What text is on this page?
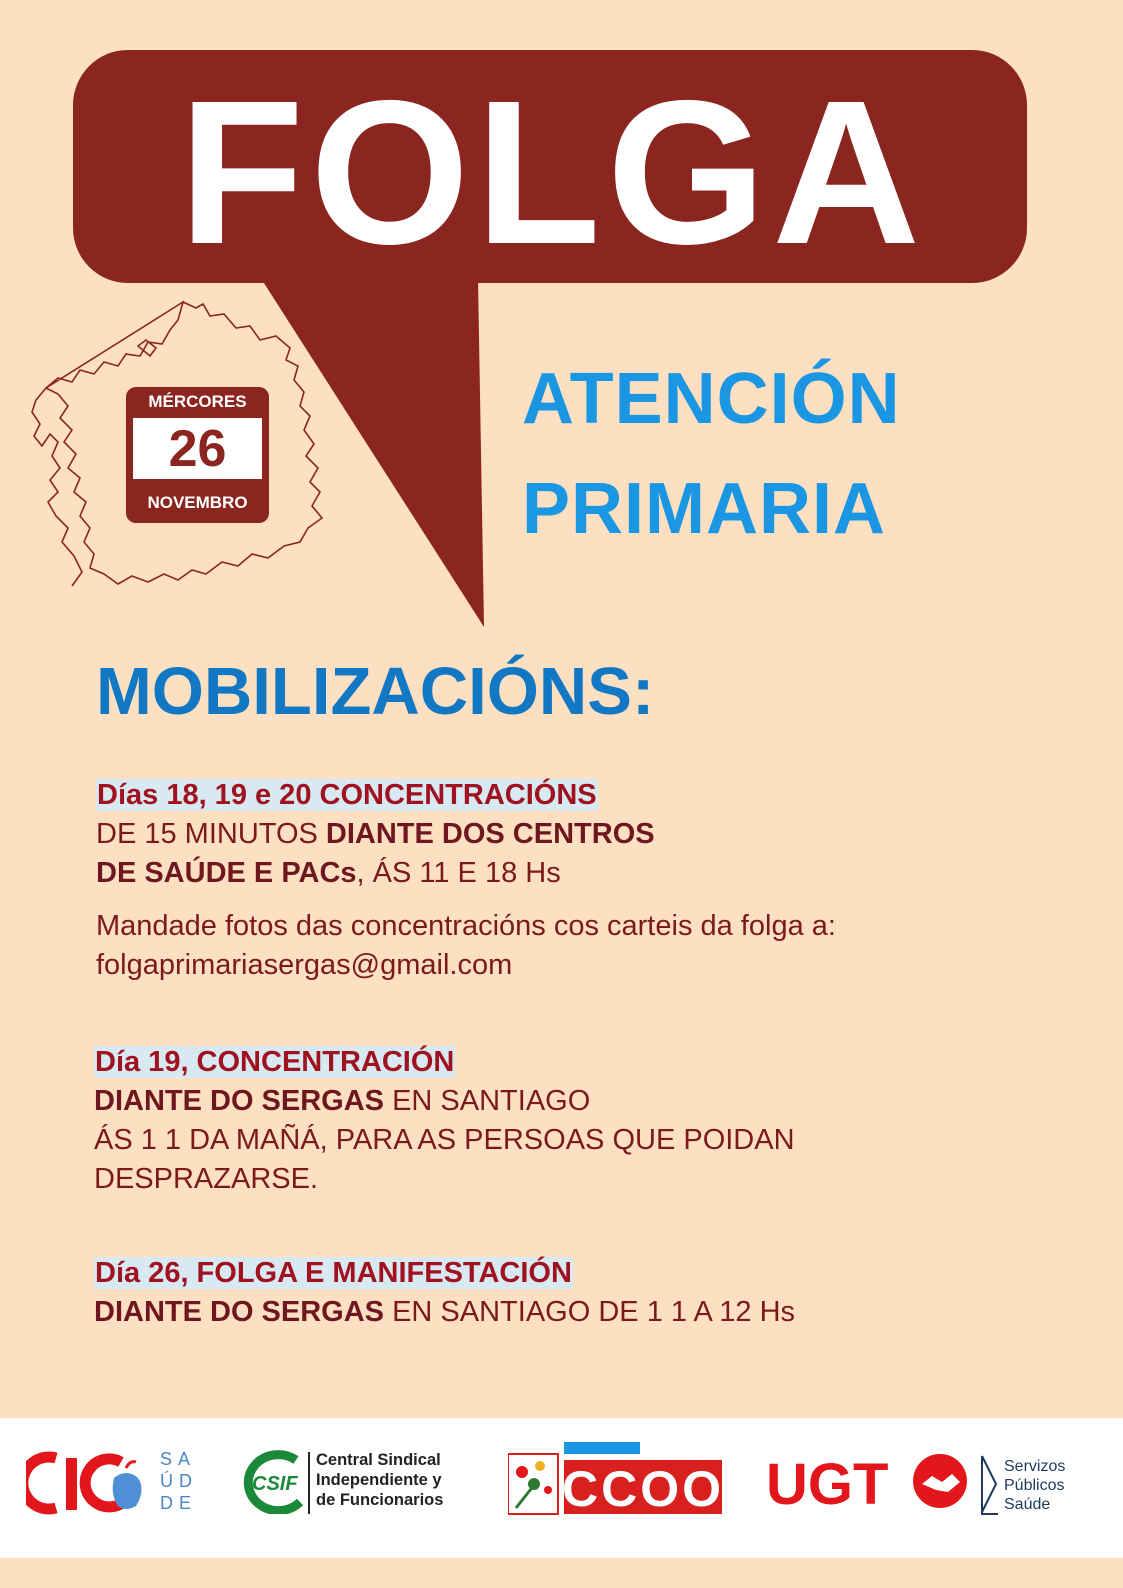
FOLGA
MÉRCORES
26
NOVEMBRO
ATENCIÓN
PRIMARIA
MOBILIZACIÓNS:
Días 18, 19 e 20 CONCENTRACIÓNS
DE 15 MINUTOS DIANTE DOS CENTROS
DE SAÚDE E PACs, ÁS 11 E 18 Hs
Mandade fotos das concentracións cos carteis da folga a:
folgaprimariasergas@gmail.com
Día 19, CONCENTRACIÓN
DIANTE DO SERGAS EN SANTIAGO
ÁS 1 1 DA MAÑÁ, PARA AS PERSOAS QUE POIDAN
DESPRAZARSE.
Día 26, FOLGA E MANIFESTACIÓN
DIANTE DO SERGAS EN SANTIAGO DE 1 1 A 12 Hs
SA
ÚD
DE
CSIF
Central Sindical
Independiente y
de Funcionarios CCOO UGT	Servizos
Públicos
Saúde
